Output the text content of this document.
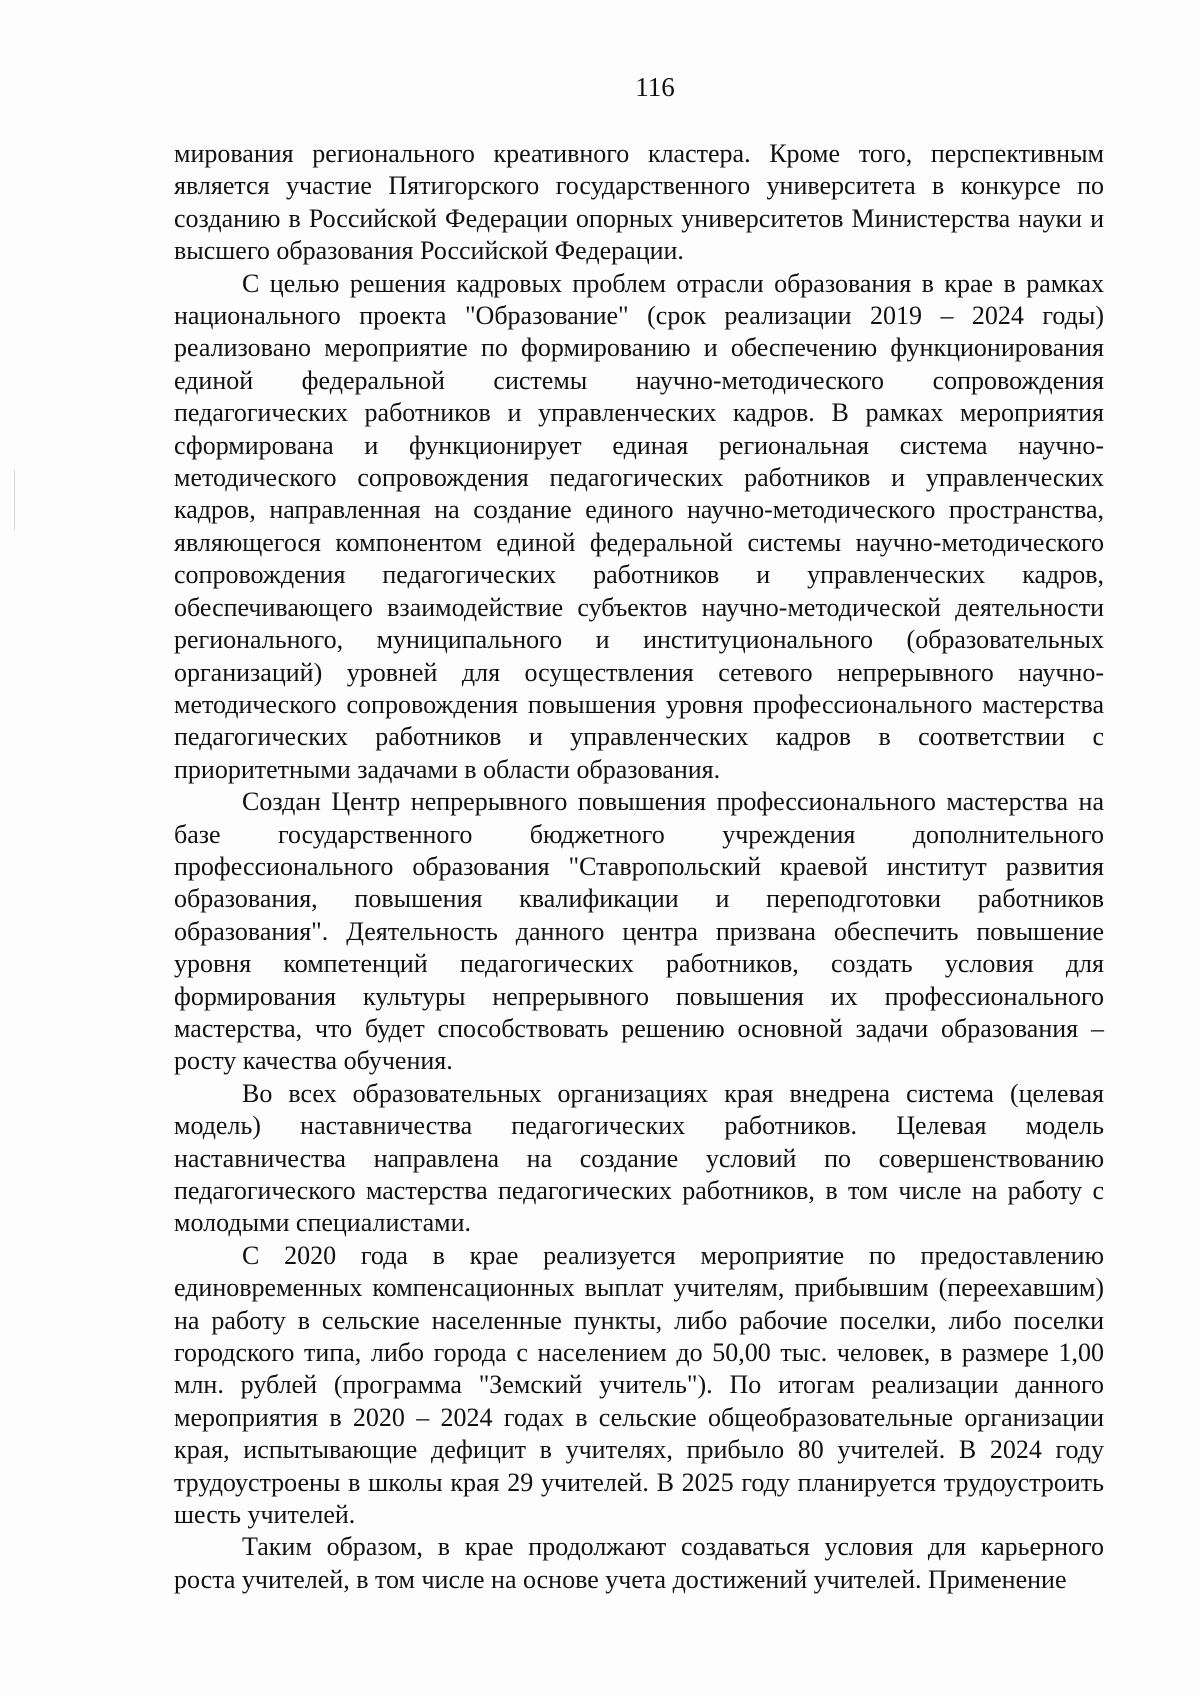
116

мирования регионального креативного кластера. Кроме того, перспективным является участие Пятигорского государственного университета в конкурсе по созданию в Российской Федерации опорных университетов Министерства науки и высшего образования Российской Федерации.

С целью решения кадровых проблем отрасли образования в крае в рамках национального проекта "Образование" (срок реализации 2019 – 2024 годы) реализовано мероприятие по формированию и обеспечению функционирования единой федеральной системы научно-методического сопровождения педагогических работников и управленческих кадров. В рамках мероприятия сформирована и функционирует единая региональная система научно-методического сопровождения педагогических работников и управленческих кадров, направленная на создание единого научно-методического пространства, являющегося компонентом единой федеральной системы научно-методического сопровождения педагогических работников и управленческих кадров, обеспечивающего взаимодействие субъектов научно-методической деятельности регионального, муниципального и институционального (образовательных организаций) уровней для осуществления сетевого непрерывного научно-методического сопровождения повышения уровня профессионального мастерства педагогических работников и управленческих кадров в соответствии с приоритетными задачами в области образования.

Создан Центр непрерывного повышения профессионального мастерства на базе государственного бюджетного учреждения дополнительного профессионального образования "Ставропольский краевой институт развития образования, повышения квалификации и переподготовки работников образования". Деятельность данного центра призвана обеспечить повышение уровня компетенций педагогических работников, создать условия для формирования культуры непрерывного повышения их профессионального мастерства, что будет способствовать решению основной задачи образования – росту качества обучения.

Во всех образовательных организациях края внедрена система (целевая модель) наставничества педагогических работников. Целевая модель наставничества направлена на создание условий по совершенствованию педагогического мастерства педагогических работников, в том числе на работу с молодыми специалистами.

С 2020 года в крае реализуется мероприятие по предоставлению единовременных компенсационных выплат учителям, прибывшим (переехавшим) на работу в сельские населенные пункты, либо рабочие поселки, либо поселки городского типа, либо города с населением до 50,00 тыс. человек, в размере 1,00 млн. рублей (программа "Земский учитель"). По итогам реализации данного мероприятия в 2020 – 2024 годах в сельские общеобразовательные организации края, испытывающие дефицит в учителях, прибыло 80 учителей. В 2024 году трудоустроены в школы края 29 учителей. В 2025 году планируется трудоустроить шесть учителей.

Таким образом, в крае продолжают создаваться условия для карьерного роста учителей, в том числе на основе учета достижений учителей. Применение
